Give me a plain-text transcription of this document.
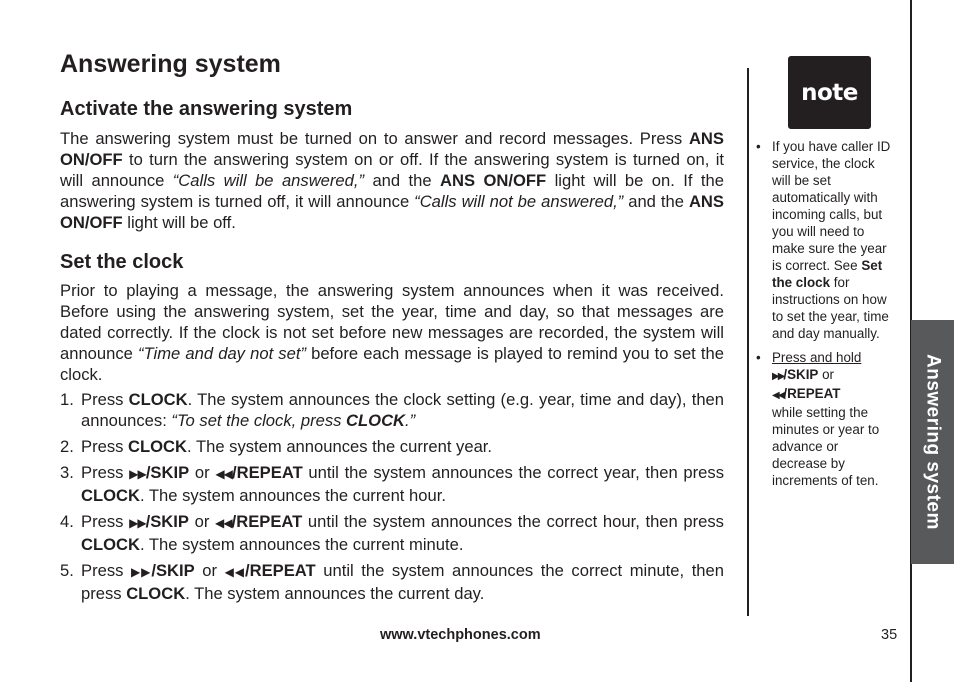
Answering system
Activate the answering system

The answering system must be turned on to answer and record messages. Press ANS ON/OFF to turn the answering system on or off. If the answering system is turned on, it will announce “Calls will be answered,” and the ANS ON/OFF light will be on. If the answering system is turned off, it will announce “Calls will not be answered,” and the ANS ON/OFF light will be off.

Set the clock

Prior to playing a message, the answering system announces when it was received. Before using the answering system, set the year, time and day, so that messages are dated correctly. If the clock is not set before new messages are recorded, the system will announce “Time and day not set” before each message is played to remind you to set the clock.

1. Press CLOCK. The system announces the clock setting (e.g. year, time and day), then announces: “To set the clock, press CLOCK.”
2. Press CLOCK. The system announces the current year.
3. Press ▶▶/SKIP or ◀◀/REPEAT until the system announces the correct year, then press CLOCK. The system announces the current hour.
4. Press ▶▶/SKIP or ◀◀/REPEAT until the system announces the correct hour, then press CLOCK. The system announces the current minute.
5. Press ▶▶/SKIP or ◀◀/REPEAT until the system announces the correct minute, then press CLOCK. The system announces the current day.
note
• If you have caller ID service, the clock will be set automatically with incoming calls, but you will need to make sure the year is correct. See Set the clock for instructions on how to set the year, time and day manually.
• Press and hold
▶▶/SKIP or
◀◀/REPEAT
while setting the minutes or year to advance or decrease by increments of ten.	Answering system
www.vtechphones.com	35
